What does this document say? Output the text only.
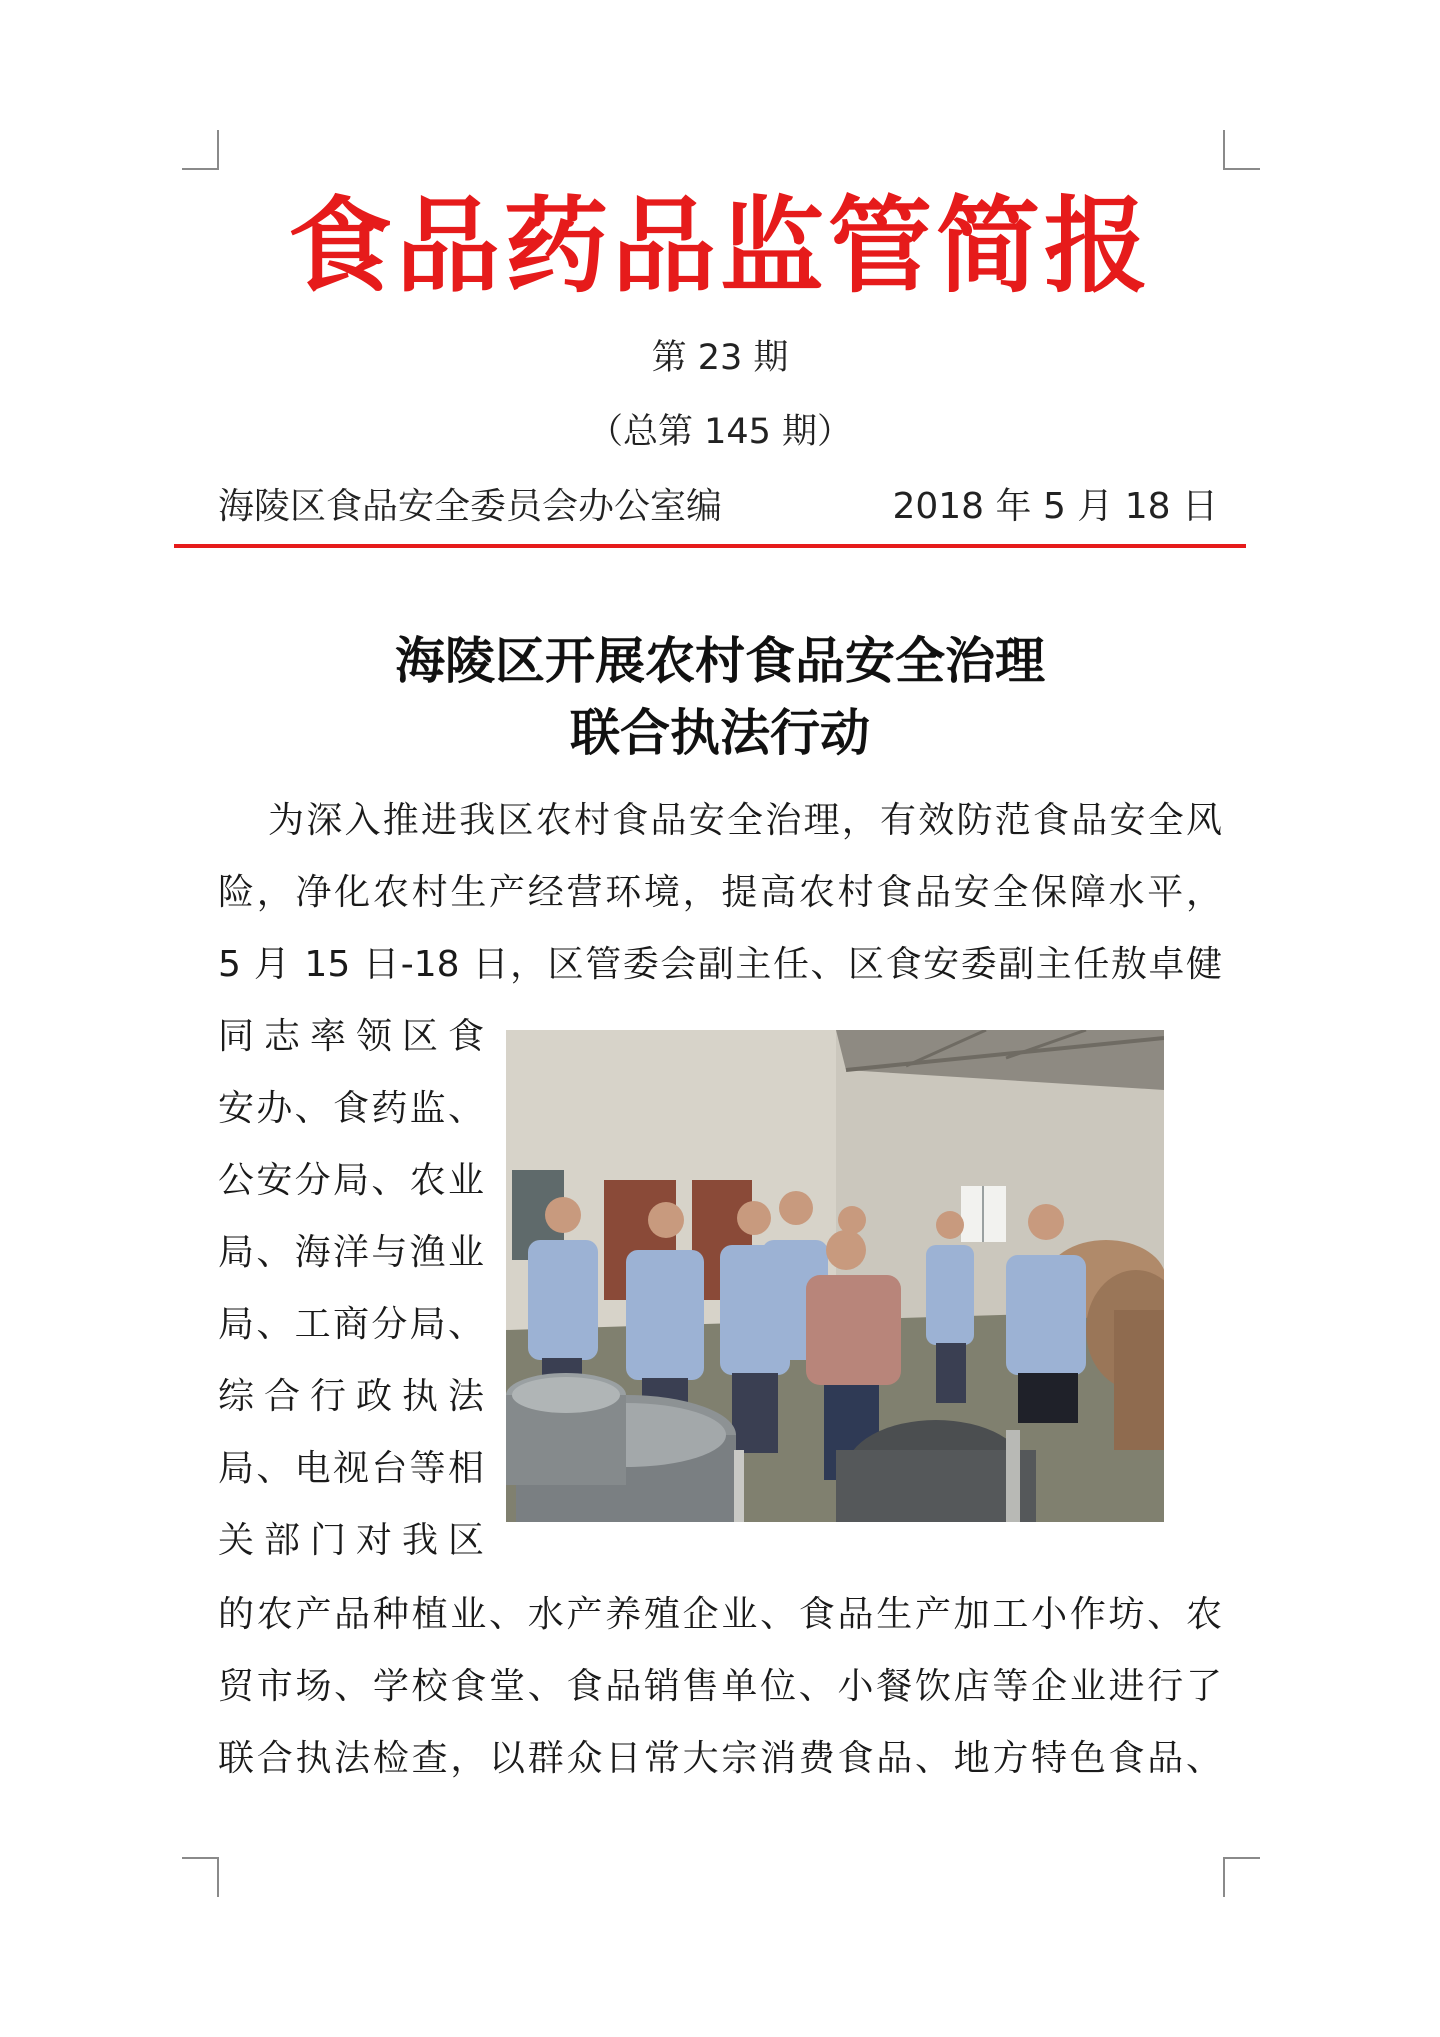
食品药品监管简报
第 23 期
（总第 145 期）
海陵区食品安全委员会办公室编	2018 年 5 月 18 日
海陵区开展农村食品安全治理
联合执法行动
为深入推进我区农村食品安全治理，有效防范食品安全风
险，净化农村生产经营环境，提高农村食品安全保障水平，
5 月 15 日-18 日，区管委会副主任、区食安委副主任敖卓健
同志率领区食
安办、食药监、
公安分局、农业
局、海洋与渔业
局、工商分局、
综合行政执法
局、电视台等相
关部门对我区
的农产品种植业、水产养殖企业、食品生产加工小作坊、农
贸市场、学校食堂、食品销售单位、小餐饮店等企业进行了
联合执法检查，以群众日常大宗消费食品、地方特色食品、
